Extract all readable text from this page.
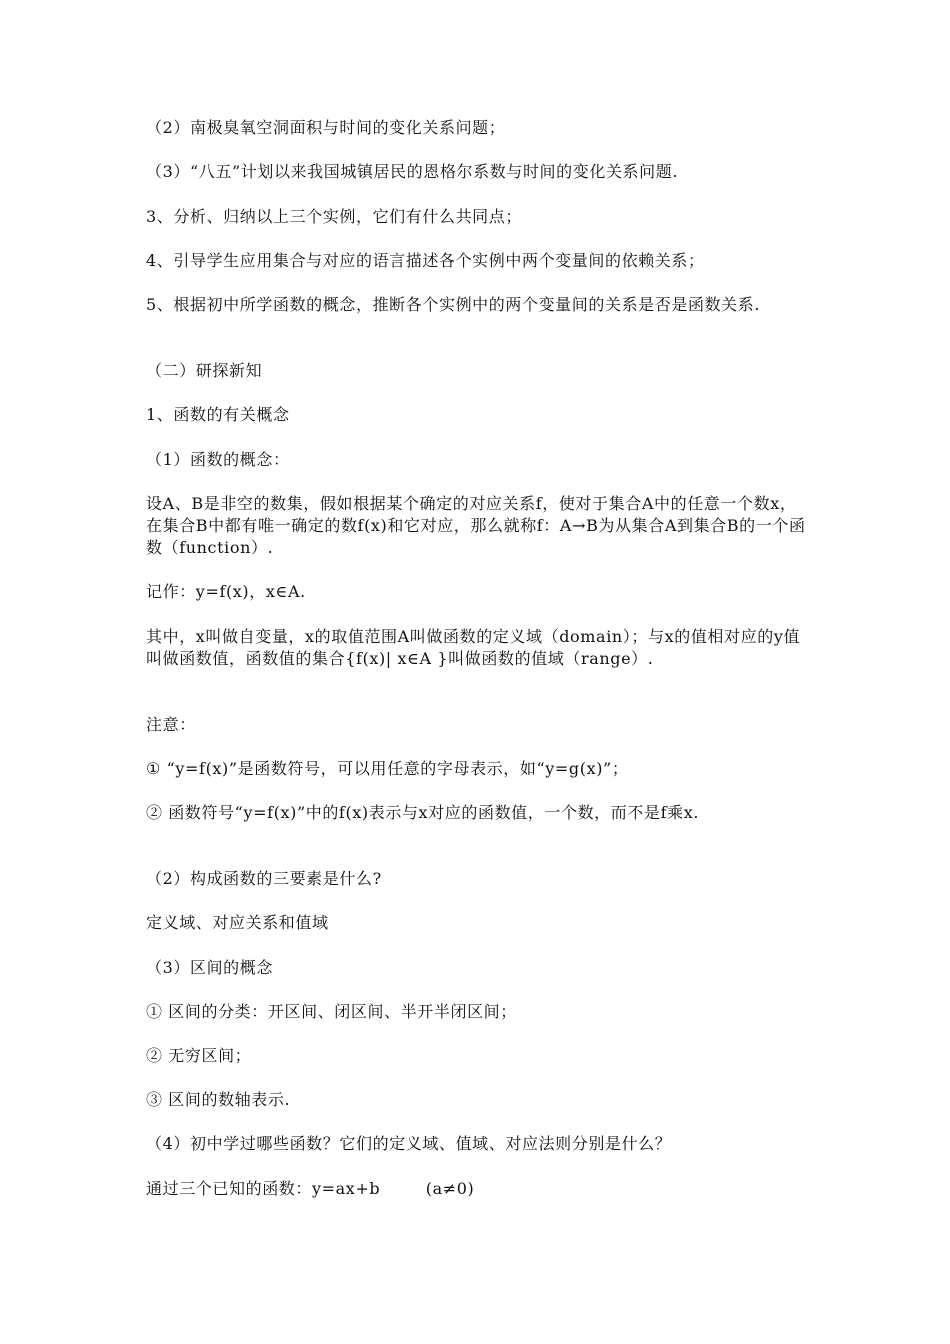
（2）南极臭氧空洞面积与时间的变化关系问题；
（3）“八五”计划以来我国城镇居民的恩格尔系数与时间的变化关系问题.
3、分析、归纳以上三个实例，它们有什么共同点；
4、引导学生应用集合与对应的语言描述各个实例中两个变量间的依赖关系；
5、根据初中所学函数的概念，推断各个实例中的两个变量间的关系是否是函数关系.
（二）研探新知
1、函数的有关概念
（1）函数的概念：
设A、B是非空的数集，假如根据某个确定的对应关系f，使对于集合A中的任意一个数x，在集合B中都有唯一确定的数f(x)和它对应，那么就称f：A→B为从集合A到集合B的一个函数（function）.
记作：y=f(x)，x∈A.
其中，x叫做自变量，x的取值范围A叫做函数的定义域（domain）；与x的值相对应的y值叫做函数值，函数值的集合{f(x)| x∈A }叫做函数的值域（range）.
注意：
① “y=f(x)”是函数符号，可以用任意的字母表示，如“y=g(x)”；
② 函数符号“y=f(x)”中的f(x)表示与x对应的函数值，一个数，而不是f乘x.
（2）构成函数的三要素是什么?
定义域、对应关系和值域
（3）区间的概念
① 区间的分类：开区间、闭区间、半开半闭区间；
② 无穷区间；
③ 区间的数轴表示.
（4）初中学过哪些函数？它们的定义域、值域、对应法则分别是什么？
通过三个已知的函数：y=ax+b        (a≠0)
